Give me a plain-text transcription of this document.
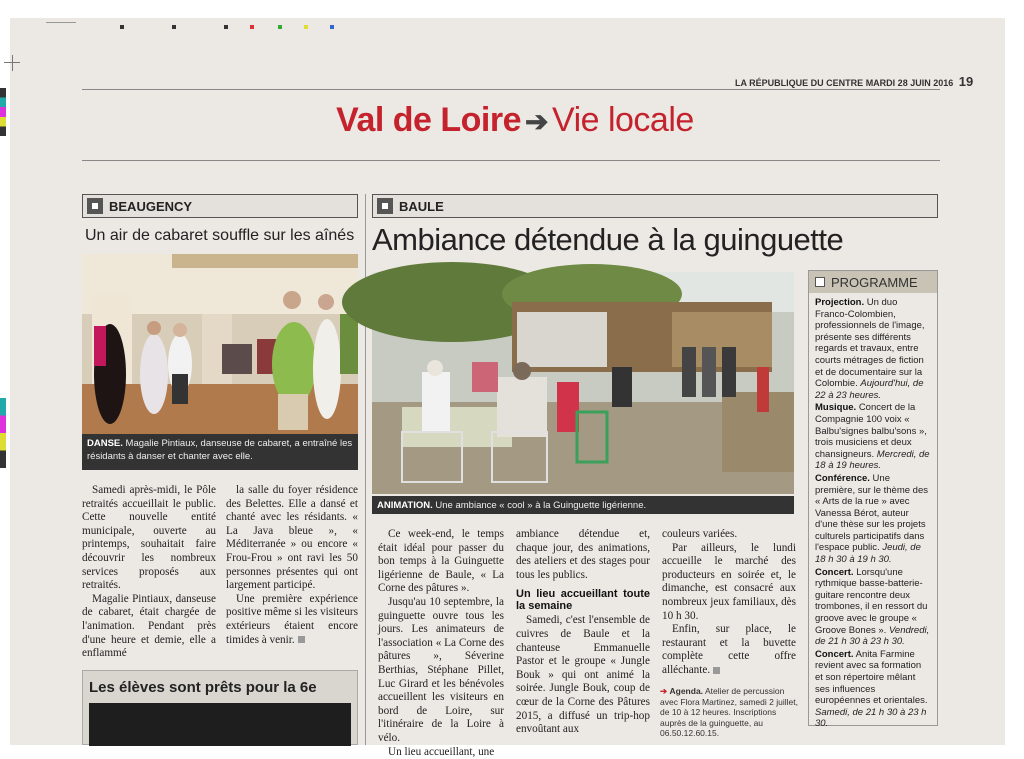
LA RÉPUBLIQUE DU CENTRE MARDI 28 JUIN 2016 19
Val de Loire ➔ Vie locale
BEAUGENCY
Un air de cabaret souffle sur les aînés
DANSE. Magalie Pintiaux, danseuse de cabaret, a entraîné les résidants à danser et chanter avec elle.

Samedi après-midi, le Pôle retraités accueillait le public. Cette nouvelle entité municipale, ouverte au printemps, souhaitait faire découvrir les nombreux services proposés aux retraités.

Magalie Pintiaux, danseuse de cabaret, était chargée de l'animation. Pendant près d'une heure et demie, elle a enflammé

la salle du foyer résidence des Belettes. Elle a dansé et chanté avec les résidants. « La Java bleue », « Méditerranée » ou encore « Frou-Frou » ont ravi les 50 personnes présentes qui ont largement participé.

Une première expérience positive même si les visiteurs extérieurs étaient encore timides à venir.

Les élèves sont prêts pour la 6e
BAULE
Ambiance détendue à la guinguette
ANIMATION. Une ambiance « cool » à la Guinguette ligérienne.

Ce week-end, le temps était idéal pour passer du bon temps à la Guinguette ligérienne de Baule, « La Corne des pâtures ».

Jusqu'au 10 septembre, la guinguette ouvre tous les jours. Les animateurs de l'association « La Corne des pâtures », Séverine Berthias, Stéphane Pillet, Luc Girard et les bénévoles accueillent les visiteurs en bord de Loire, sur l'itinéraire de la Loire à vélo.

Un lieu accueillant, une

ambiance détendue et, chaque jour, des animations, des ateliers et des stages pour tous les publics.

Un lieu accueillant toute la semaine

Samedi, c'est l'ensemble de cuivres de Baule et la chanteuse Emmanuelle Pastor et le groupe « Jungle Bouk » qui ont animé la soirée. Jungle Bouk, coup de cœur de la Corne des Pâtures 2015, a diffusé un trip-hop envoûtant aux

couleurs variées.

Par ailleurs, le lundi accueille le marché des producteurs en soirée et, le dimanche, est consacré aux nombreux jeux familiaux, dès 10 h 30.

Enfin, sur place, le restaurant et la buvette complète cette offre alléchante.

➔ Agenda. Atelier de percussion avec Flora Martinez, samedi 2 juillet, de 10 à 12 heures. Inscriptions auprès de la guinguette, au 06.50.12.60.15.
PROGRAMME

Projection. Un duo Franco-Colombien, professionnels de l'image, présente ses différents regards et travaux, entre courts métrages de fiction et de documentaire sur la Colombie. Aujourd'hui, de 22 à 23 heures.

Musique. Concert de la Compagnie 100 voix « Balbu'signes balbu'sons », trois musiciens et deux chansigneurs. Mercredi, de 18 à 19 heures.

Conférence. Une première, sur le thème des « Arts de la rue » avec Vanessa Bérot, auteur d'une thèse sur les projets culturels participatifs dans l'espace public. Jeudi, de 18 h 30 à 19 h 30.

Concert. Lorsqu'une rythmique basse-batterie-guitare rencontre deux trombones, il en ressort du groove avec le groupe « Groove Bones ». Vendredi, de 21 h 30 à 23 h 30.

Concert. Anita Farmine revient avec sa formation et son répertoire mêlant ses influences européennes et orientales. Samedi, de 21 h 30 à 23 h 30.
